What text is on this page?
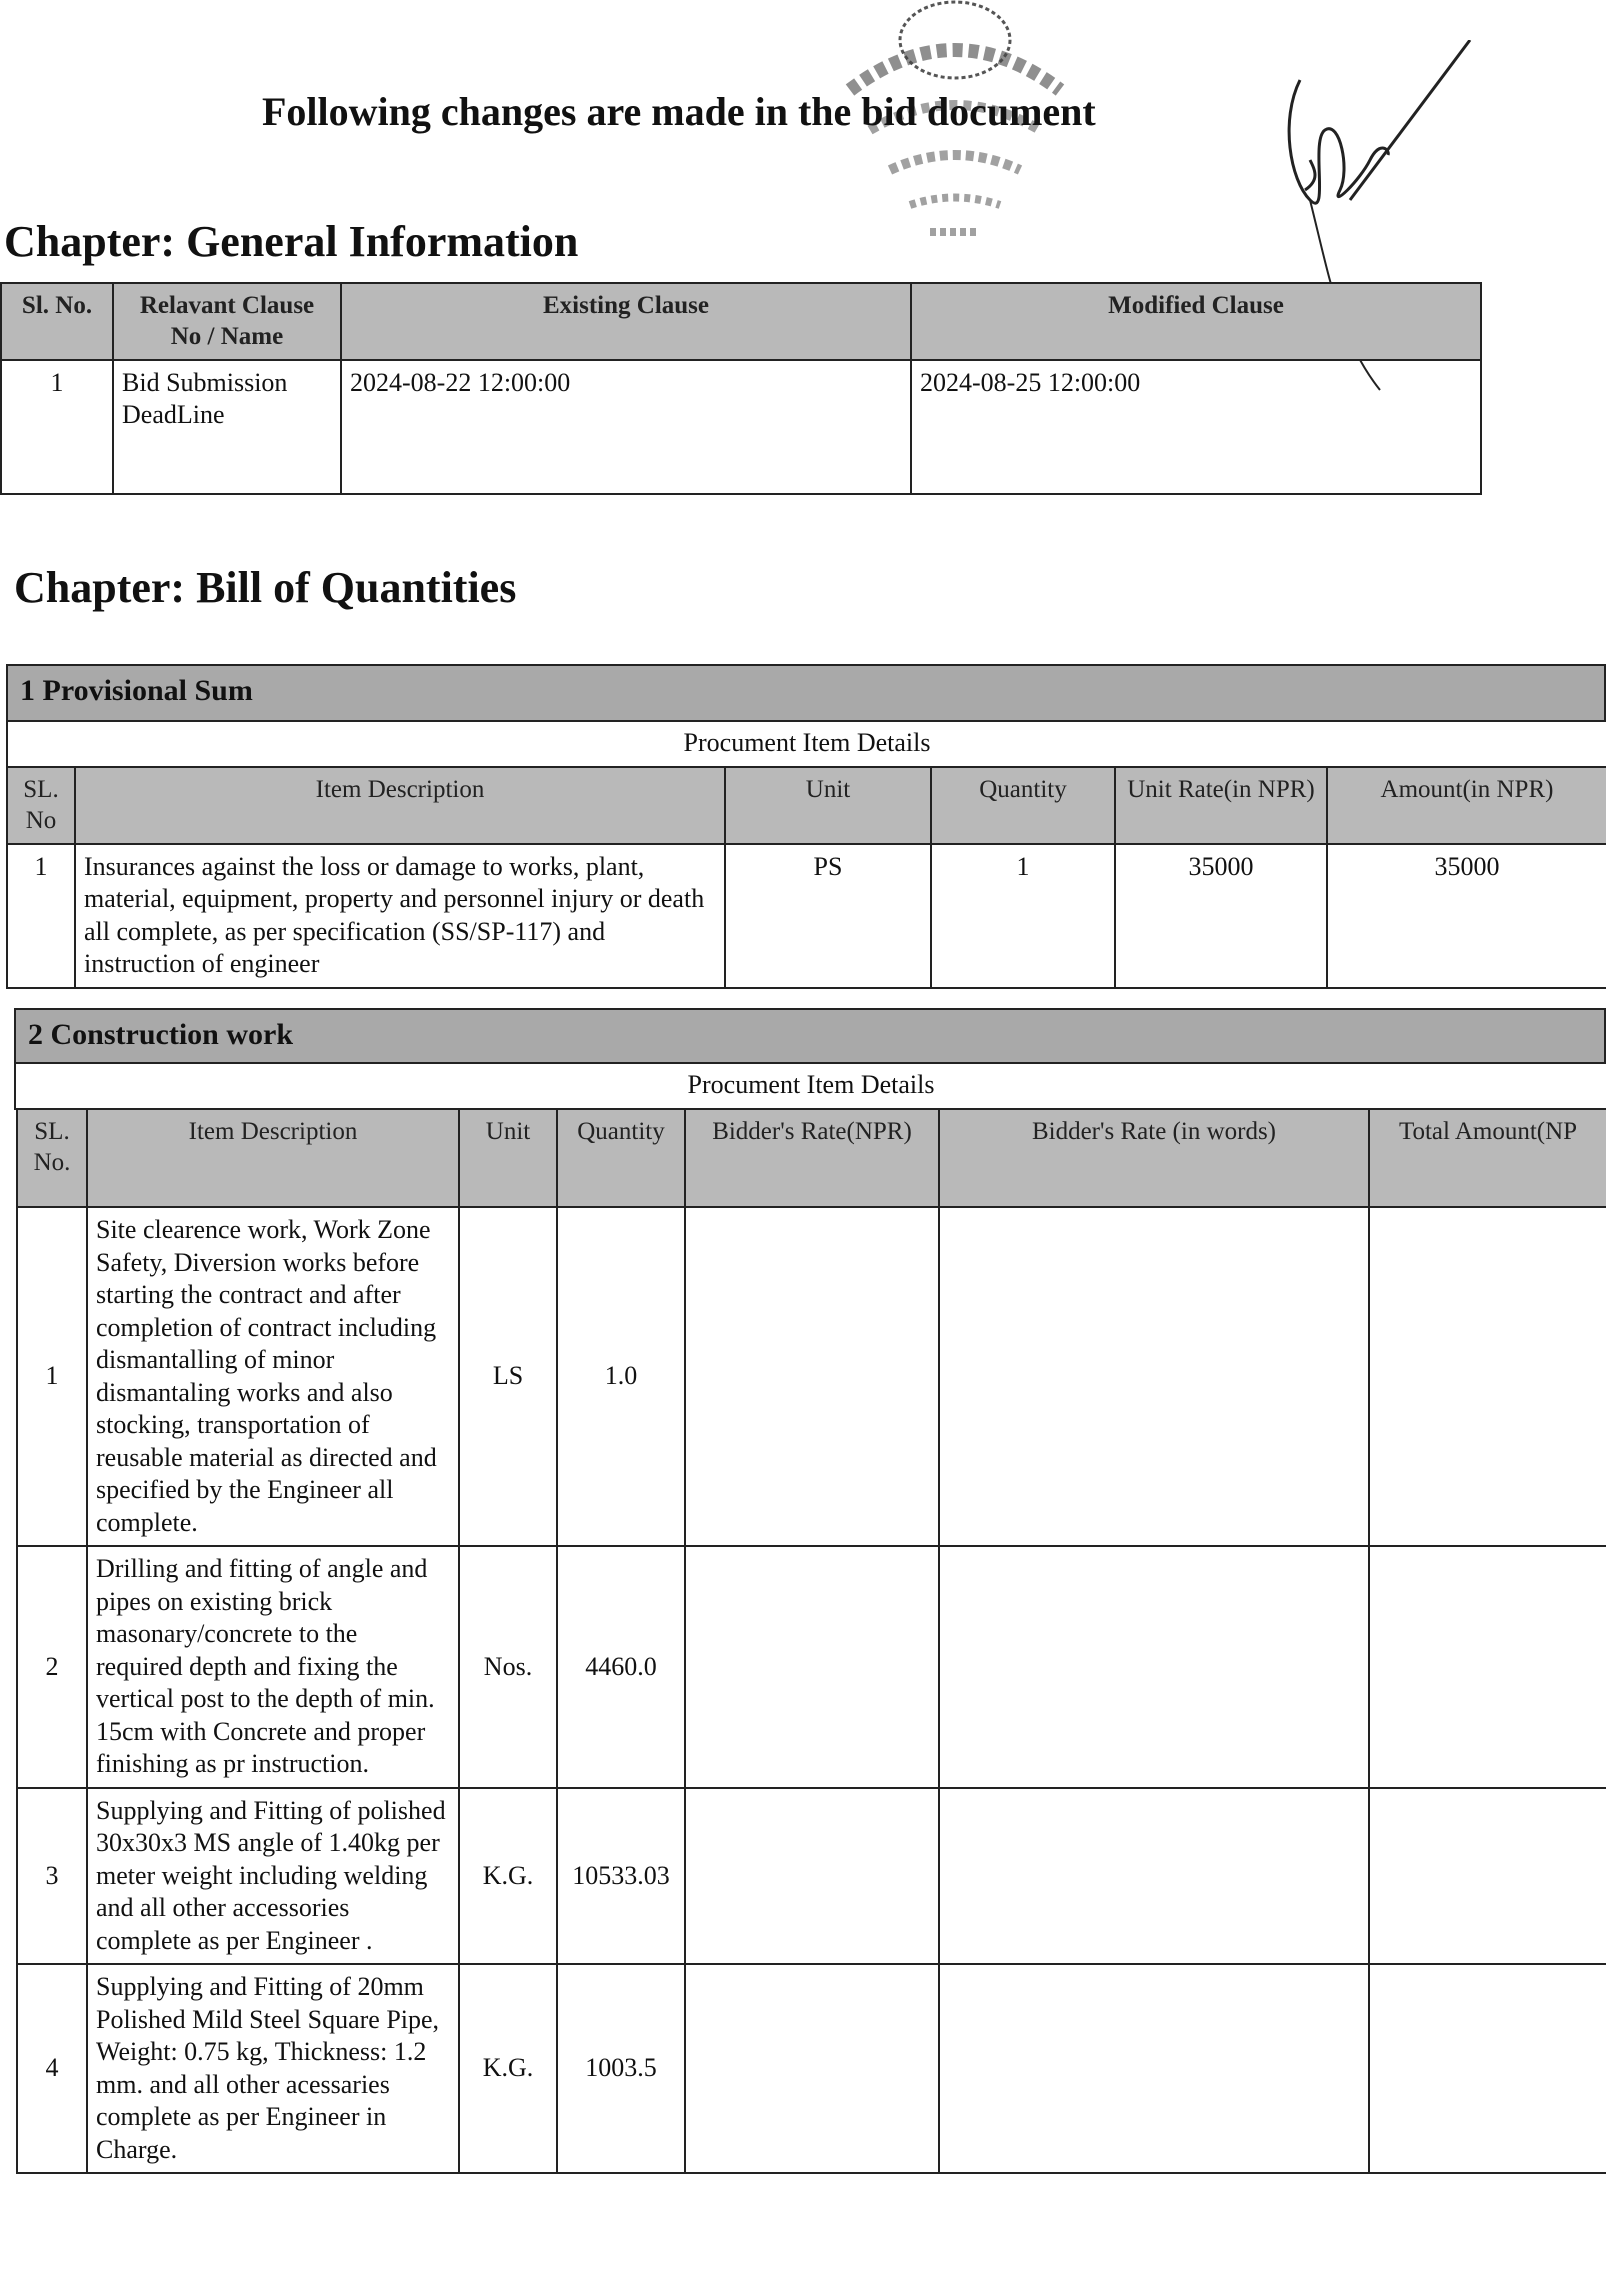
Following changes are made in the bid document
Chapter: General Information
Sl. No.	Relavant Clause No / Name	Existing Clause	Modified Clause
1	Bid Submission DeadLine	2024-08-22 12:00:00	2024-08-25 12:00:00
Chapter: Bill of Quantities
1 Provisional Sum
Procument Item Details
SL. No	Item Description	Unit	Quantity	Unit Rate(in NPR)	Amount(in NPR)
1	Insurances against the loss or damage to works, plant, material, equipment, property and personnel injury or death all complete, as per specification (SS/SP-117) and instruction of engineer	PS	1	35000	35000
2 Construction work
Procument Item Details
SL. No.	Item Description	Unit	Quantity	Bidder's Rate(NPR)	Bidder's Rate (in words)	Total Amount(NP
1	Site clearence work, Work Zone Safety, Diversion works before starting the contract and after completion of contract including dismantalling of minor dismantaling works and also stocking, transportation of reusable material as directed and specified by the Engineer all complete.	LS	1.0			
2	Drilling and fitting of angle and pipes on existing brick masonary/concrete to the required depth and fixing the vertical post to the depth of min. 15cm with Concrete and proper finishing as pr instruction.	Nos.	4460.0			
3	Supplying and Fitting of polished 30x30x3 MS angle of 1.40kg per meter weight including welding and all other accessories complete as per Engineer .	K.G.	10533.03			
4	Supplying and Fitting of 20mm Polished Mild Steel Square Pipe, Weight: 0.75 kg, Thickness: 1.2 mm. and all other acessaries complete as per Engineer in Charge.	K.G.	1003.5			
